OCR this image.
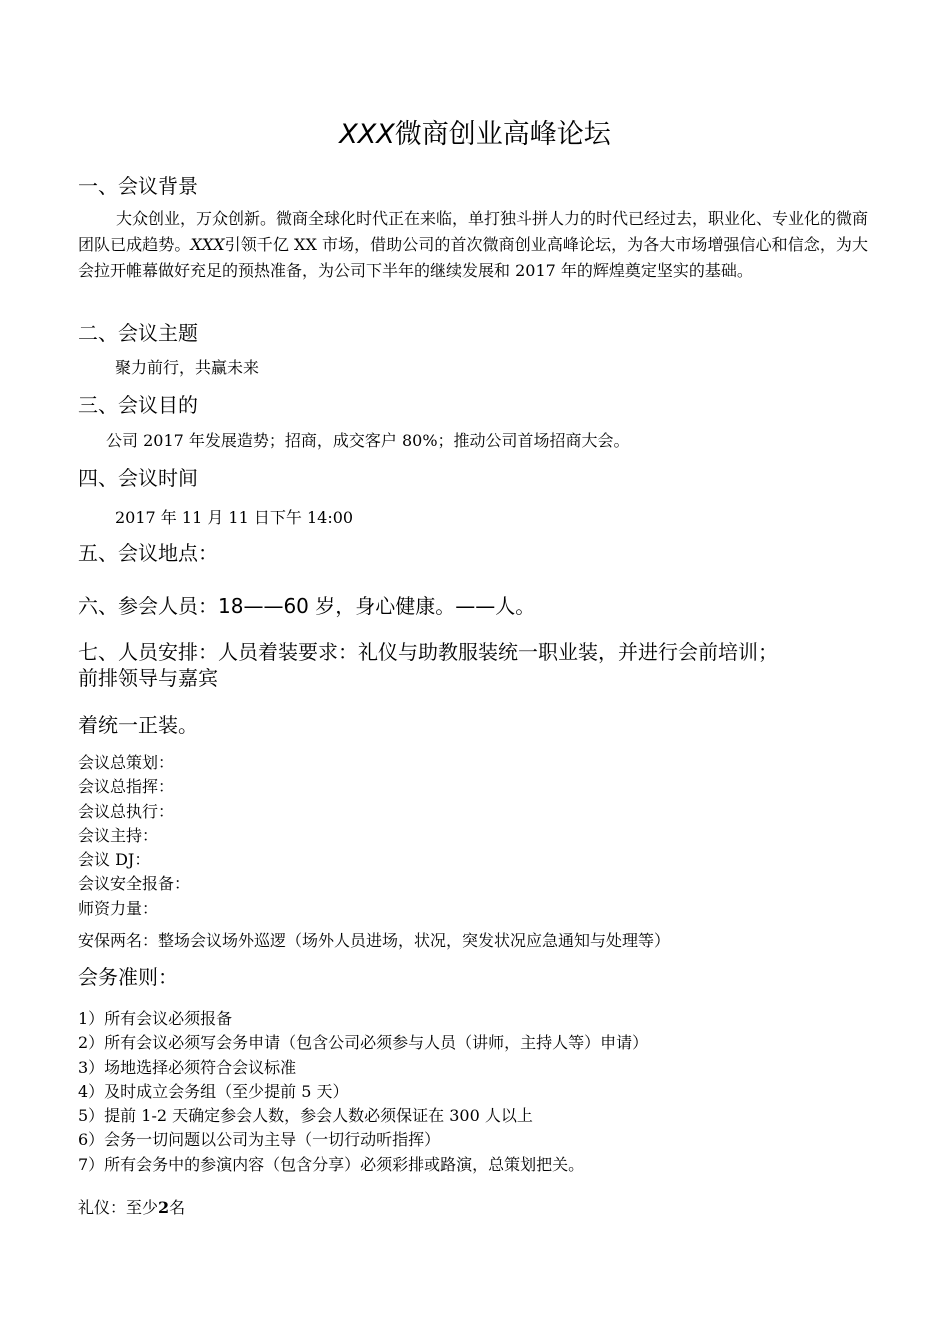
XXX微商创业高峰论坛
一、会议背景
大众创业，万众创新。微商全球化时代正在来临，单打独斗拼人力的时代已经过去，职业化、专业化的微商团队已成趋势。XXX引领千亿 XX 市场，借助公司的首次微商创业高峰论坛，为各大市场增强信心和信念，为大会拉开帷幕做好充足的预热准备，为公司下半年的继续发展和 2017 年的辉煌奠定坚实的基础。
二、会议主题
聚力前行，共赢未来
三、会议目的
公司 2017 年发展造势；招商，成交客户 80%；推动公司首场招商大会。
四、会议时间
2017 年 11 月 11 日下午 14:00
五、会议地点：
六、参会人员：18——60 岁，身心健康。——人。
七、人员安排：人员着装要求：礼仪与助教服装统一职业装，并进行会前培训；
前排领导与嘉宾
着统一正装。
会议总策划：
会议总指挥：
会议总执行：
会议主持：
会议 DJ：
会议安全报备：
师资力量：
安保两名：整场会议场外巡逻（场外人员进场，状况，突发状况应急通知与处理等）
会务准则：
1）所有会议必须报备
2）所有会议必须写会务申请（包含公司必须参与人员（讲师，主持人等）申请）
3）场地选择必须符合会议标准
4）及时成立会务组（至少提前 5 天）
5）提前 1-2 天确定参会人数，参会人数必须保证在 300 人以上
6）会务一切问题以公司为主导（一切行动听指挥）
7）所有会务中的参演内容（包含分享）必须彩排或路演，总策划把关。
礼仪：至少2名
